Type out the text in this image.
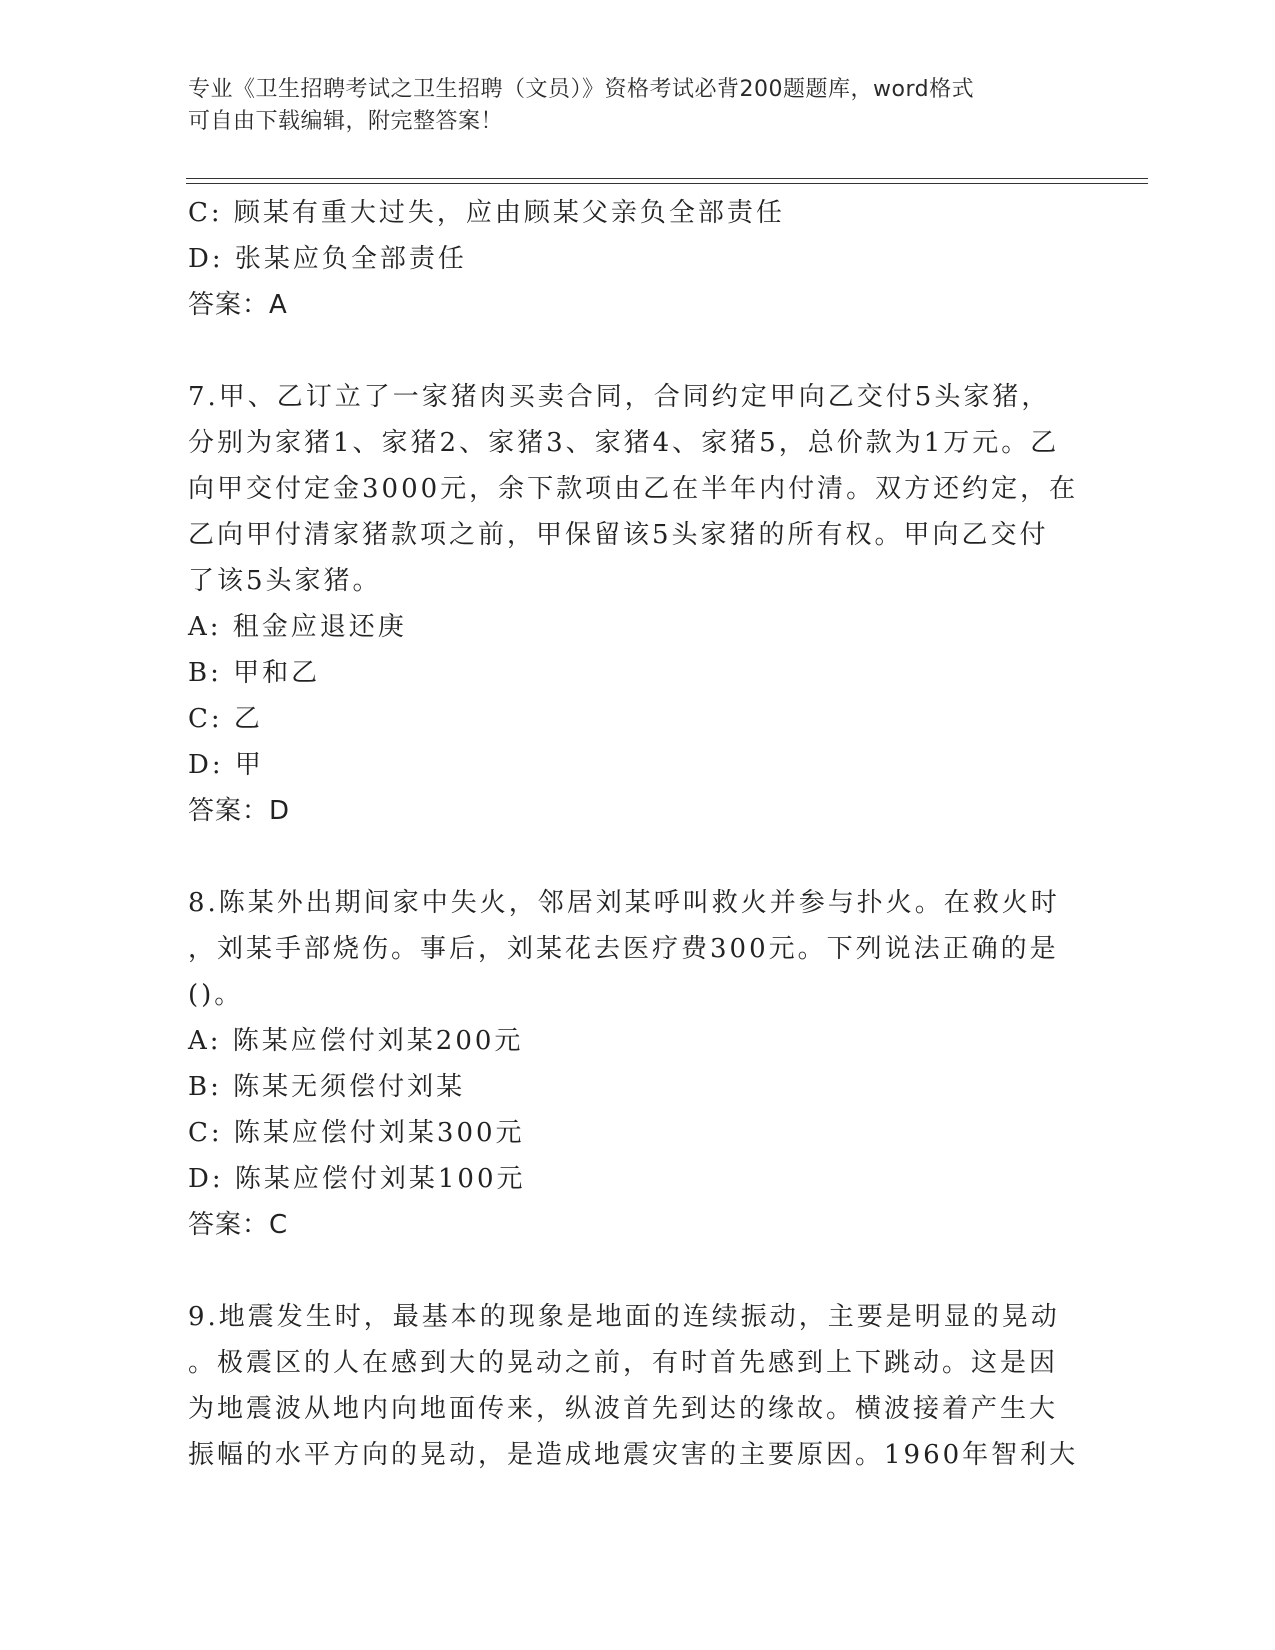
专业《卫生招聘考试之卫生招聘（文员）》资格考试必背200题题库，word格式
可自由下载编辑，附完整答案！
C: 顾某有重大过失，应由顾某父亲负全部责任
D: 张某应负全部责任
答案：A
7.甲、乙订立了一家猪肉买卖合同，合同约定甲向乙交付5头家猪，
分别为家猪1、家猪2、家猪3、家猪4、家猪5，总价款为1万元。乙
向甲交付定金3000元，余下款项由乙在半年内付清。双方还约定，在
乙向甲付清家猪款项之前，甲保留该5头家猪的所有权。甲向乙交付
了该5头家猪。
A: 租金应退还庚
B: 甲和乙
C: 乙
D: 甲
答案：D
8.陈某外出期间家中失火，邻居刘某呼叫救火并参与扑火。在救火时
，刘某手部烧伤。事后，刘某花去医疗费300元。下列说法正确的是
()。
A: 陈某应偿付刘某200元
B: 陈某无须偿付刘某
C: 陈某应偿付刘某300元
D: 陈某应偿付刘某100元
答案：C
9.地震发生时，最基本的现象是地面的连续振动，主要是明显的晃动
。极震区的人在感到大的晃动之前，有时首先感到上下跳动。这是因
为地震波从地内向地面传来，纵波首先到达的缘故。横波接着产生大
振幅的水平方向的晃动，是造成地震灾害的主要原因。1960年智利大
